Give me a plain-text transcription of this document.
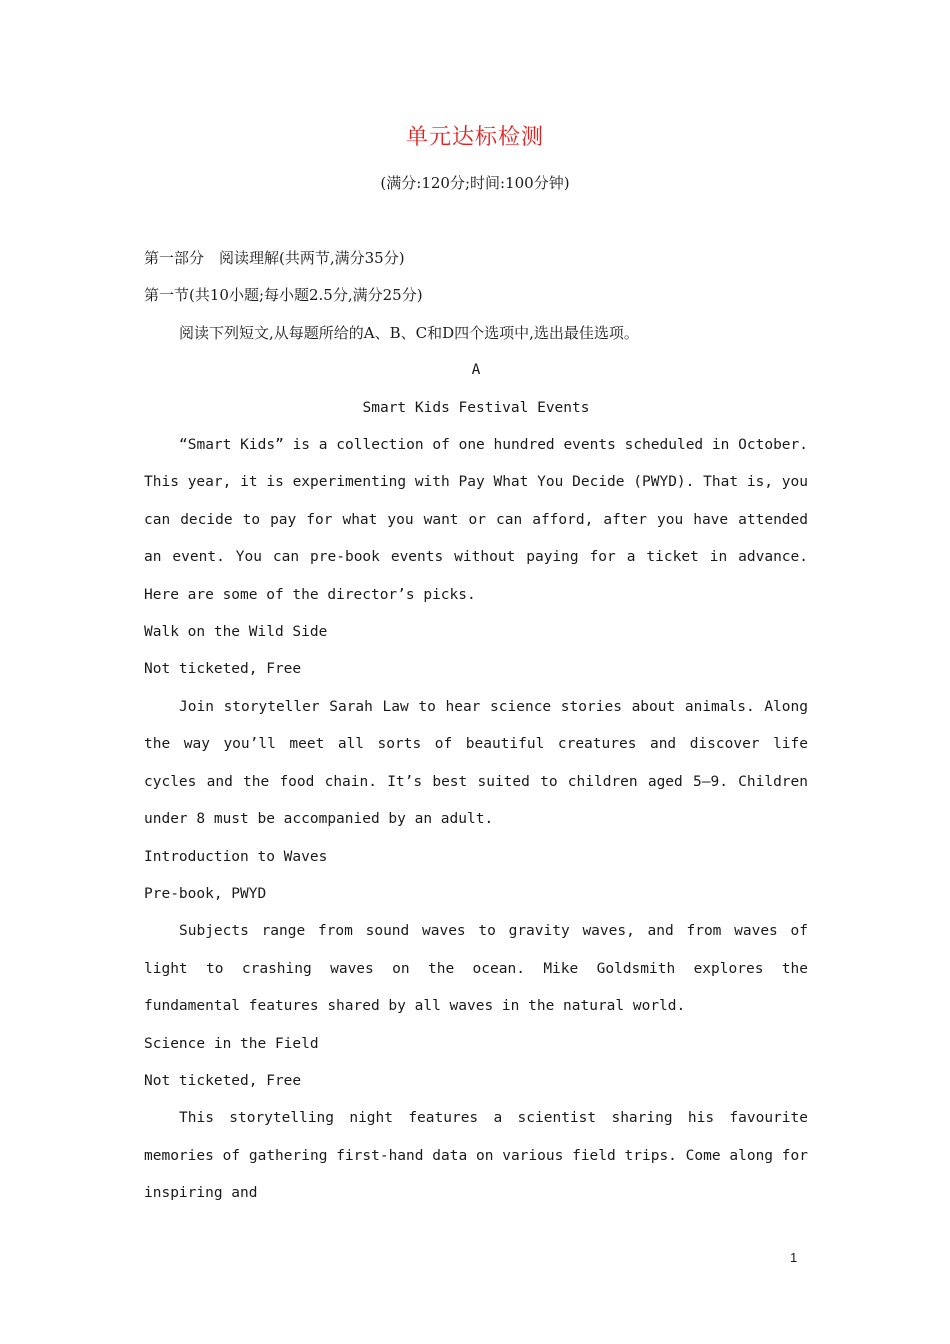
单元达标检测
(满分:120分;时间:100分钟)

第一部分　阅读理解(共两节,满分35分)

第一节(共10小题;每小题2.5分,满分25分)

阅读下列短文,从每题所给的A、B、C和D四个选项中,选出最佳选项。

A

Smart Kids Festival Events

“Smart Kids” is a collection of one hundred events scheduled in October. This year, it is experimenting with Pay What You Decide (PWYD). That is, you can decide to pay for what you want or can afford, after you have attended an event. You can pre-book events without paying for a ticket in advance. Here are some of the director’s picks.

Walk on the Wild Side

Not ticketed, Free

Join storyteller Sarah Law to hear science stories about animals. Along the way you’ll meet all sorts of beautiful creatures and discover life cycles and the food chain. It’s best suited to children aged 5—9. Children under 8 must be accompanied by an adult.

Introduction to Waves

Pre-book, PWYD

Subjects range from sound waves to gravity waves, and from waves of light to crashing waves on the ocean. Mike Goldsmith explores the fundamental features shared by all waves in the natural world.

Science in the Field

Not ticketed, Free

This storytelling night features a scientist sharing his favourite memories of gathering first-hand data on various field trips. Come along for inspiring and

1
